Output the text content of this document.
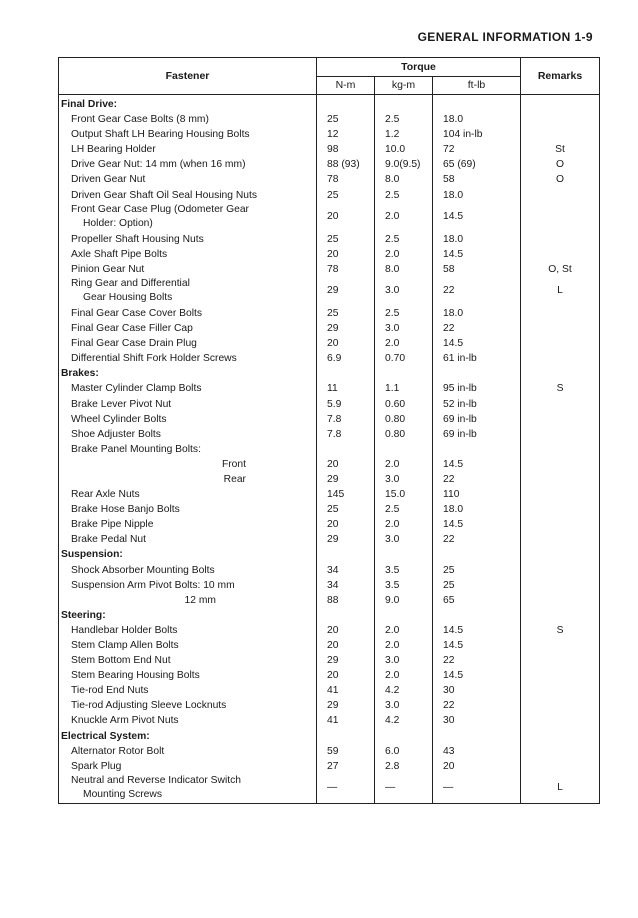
GENERAL INFORMATION 1-9
Fastener	Torque			Remarks
	N-m	kg-m	ft-lb	
Final Drive:				
Front Gear Case Bolts (8 mm)	25	2.5	18.0	
Output Shaft LH Bearing Housing Bolts	12	1.2	104 in-lb	
LH Bearing Holder	98	10.0	72	St
Drive Gear Nut: 14 mm (when 16 mm)	88 (93)	9.0(9.5)	65 (69)	O
Driven Gear Nut	78	8.0	58	O
Driven Gear Shaft Oil Seal Housing Nuts	25	2.5	18.0	
Front Gear Case Plug (Odometer Gear
Holder: Option)	20	2.0	14.5	
Propeller Shaft Housing Nuts	25	2.5	18.0	
Axle Shaft Pipe Bolts	20	2.0	14.5	
Pinion Gear Nut	78	8.0	58	O, St
Ring Gear and Differential
Gear Housing Bolts	29	3.0	22	L
Final Gear Case Cover Bolts	25	2.5	18.0	
Final Gear Case Filler Cap	29	3.0	22	
Final Gear Case Drain Plug	20	2.0	14.5	
Differential Shift Fork Holder Screws	6.9	0.70	61 in-lb	
Brakes:				
Master Cylinder Clamp Bolts	11	1.1	95 in-lb	S
Brake Lever Pivot Nut	5.9	0.60	52 in-lb	
Wheel Cylinder Bolts	7.8	0.80	69 in-lb	
Shoe Adjuster Bolts	7.8	0.80	69 in-lb	
Brake Panel Mounting Bolts:				
Front	20	2.0	14.5	
Rear	29	3.0	22	
Rear Axle Nuts	145	15.0	110	
Brake Hose Banjo Bolts	25	2.5	18.0	
Brake Pipe Nipple	20	2.0	14.5	
Brake Pedal Nut	29	3.0	22	
Suspension:				
Shock Absorber Mounting Bolts	34	3.5	25	
Suspension Arm Pivot Bolts: 10 mm	34	3.5	25	
12 mm	88	9.0	65	
Steering:				
Handlebar Holder Bolts	20	2.0	14.5	S
Stem Clamp Allen Bolts	20	2.0	14.5	
Stem Bottom End Nut	29	3.0	22	
Stem Bearing Housing Bolts	20	2.0	14.5	
Tie-rod End Nuts	41	4.2	30	
Tie-rod Adjusting Sleeve Locknuts	29	3.0	22	
Knuckle Arm Pivot Nuts	41	4.2	30	
Electrical System:				
Alternator Rotor Bolt	59	6.0	43	
Spark Plug	27	2.8	20	
Neutral and Reverse Indicator Switch
Mounting Screws	—	—	—	L
